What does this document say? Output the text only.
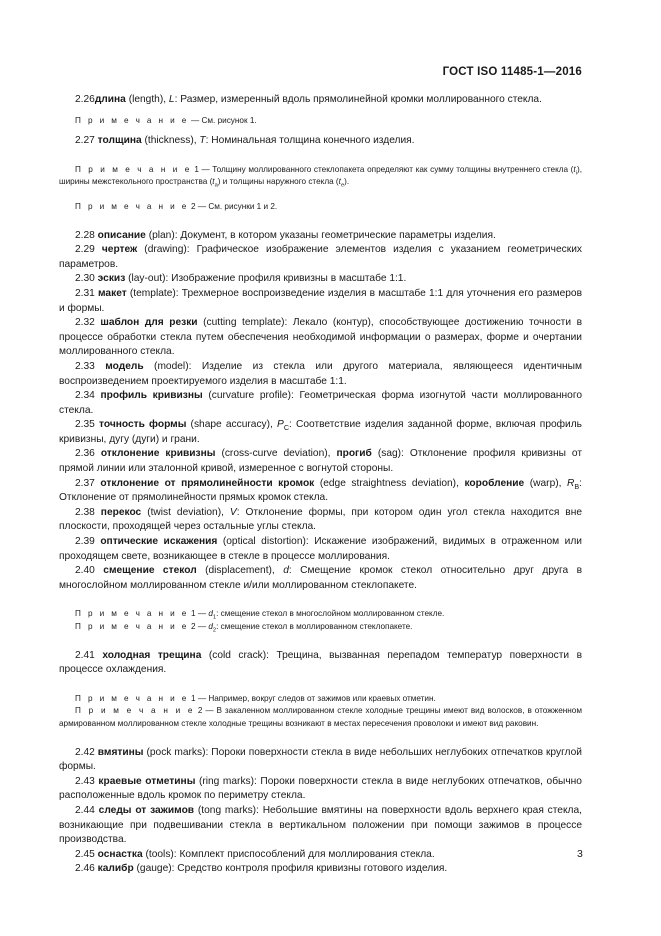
ГОСТ ISO 11485-1—2016

2.26длина (length), L: Размер, измеренный вдоль прямолинейной кромки моллированного стекла.

П р и м е ч а н и е — См. рисунок 1.

2.27 толщина (thickness), T: Номинальная толщина конечного изделия.

П р и м е ч а н и е 1 — Толщину моллированного стеклопакета определяют как сумму толщины внутреннего стекла $(t_i)$, ширины межстекольного пространства $(t_a)$ и толщины наружного стекла $(t_e)$.

П р и м е ч а н и е 2 — См. рисунки 1 и 2.

2.28 описание (plan): Документ, в котором указаны геометрические параметры изделия.

2.29 чертеж (drawing): Графическое изображение элементов изделия с указанием геометрических параметров.

2.30 эскиз (lay-out): Изображение профиля кривизны в масштабе 1:1.

2.31 макет (template): Трехмерное воспроизведение изделия в масштабе 1:1 для уточнения его размеров и формы.

2.32 шаблон для резки (cutting template): Лекало (контур), способствующее достижению точности в процессе обработки стекла путем обеспечения необходимой информации о размерах, форме и очертании моллированного стекла.

2.33 модель (model): Изделие из стекла или другого материала, являющееся идентичным воспроизведением проектируемого изделия в масштабе 1:1.

2.34 профиль кривизны (curvature profile): Геометрическая форма изогнутой части моллированного стекла.

2.35 точность формы (shape accuracy), $P_C$: Соответствие изделия заданной форме, включая профиль кривизны, дугу (дуги) и грани.

2.36 отклонение кривизны (cross-curve deviation), прогиб (sag): Отклонение профиля кривизны от прямой линии или эталонной кривой, измеренное с вогнутой стороны.

2.37 отклонение от прямолинейности кромок (edge straightness deviation), коробление (warp), $R_B$: Отклонение от прямолинейности прямых кромок стекла.

2.38 перекос (twist deviation), V: Отклонение формы, при котором один угол стекла находится вне плоскости, проходящей через остальные углы стекла.

2.39 оптические искажения (optical distortion): Искажение изображений, видимых в отраженном или проходящем свете, возникающее в стекле в процессе моллирования.

2.40 смещение стекол (displacement), d: Смещение кромок стекол относительно друг друга в многослойном моллированном стекле и/или моллированном стеклопакете.

П р и м е ч а н и е 1 — $d_1$: смещение стекол в многослойном моллированном стекле.

П р и м е ч а н и е 2 — $d_2$: смещение стекол в моллированном стеклопакете.

2.41 холодная трещина (cold crack): Трещина, вызванная перепадом температур поверхности в процессе охлаждения.

П р и м е ч а н и е 1 — Например, вокруг следов от зажимов или краевых отметин.

П р и м е ч а н и е 2 — В закаленном моллированном стекле холодные трещины имеют вид волосков, в отожженном армированном моллированном стекле холодные трещины возникают в местах пересечения проволоки и имеют вид раковин.

2.42 вмятины (pock marks): Пороки поверхности стекла в виде небольших неглубоких отпечатков круглой формы.

2.43 краевые отметины (ring marks): Пороки поверхности стекла в виде неглубоких отпечатков, обычно расположенные вдоль кромок по периметру стекла.

2.44 следы от зажимов (tong marks): Небольшие вмятины на поверхности вдоль верхнего края стекла, возникающие при подвешивании стекла в вертикальном положении при помощи зажимов в процессе производства.

2.45 оснастка (tools): Комплект приспособлений для моллирования стекла.

2.46 калибр (gauge): Средство контроля профиля кривизны готового изделия.

3
